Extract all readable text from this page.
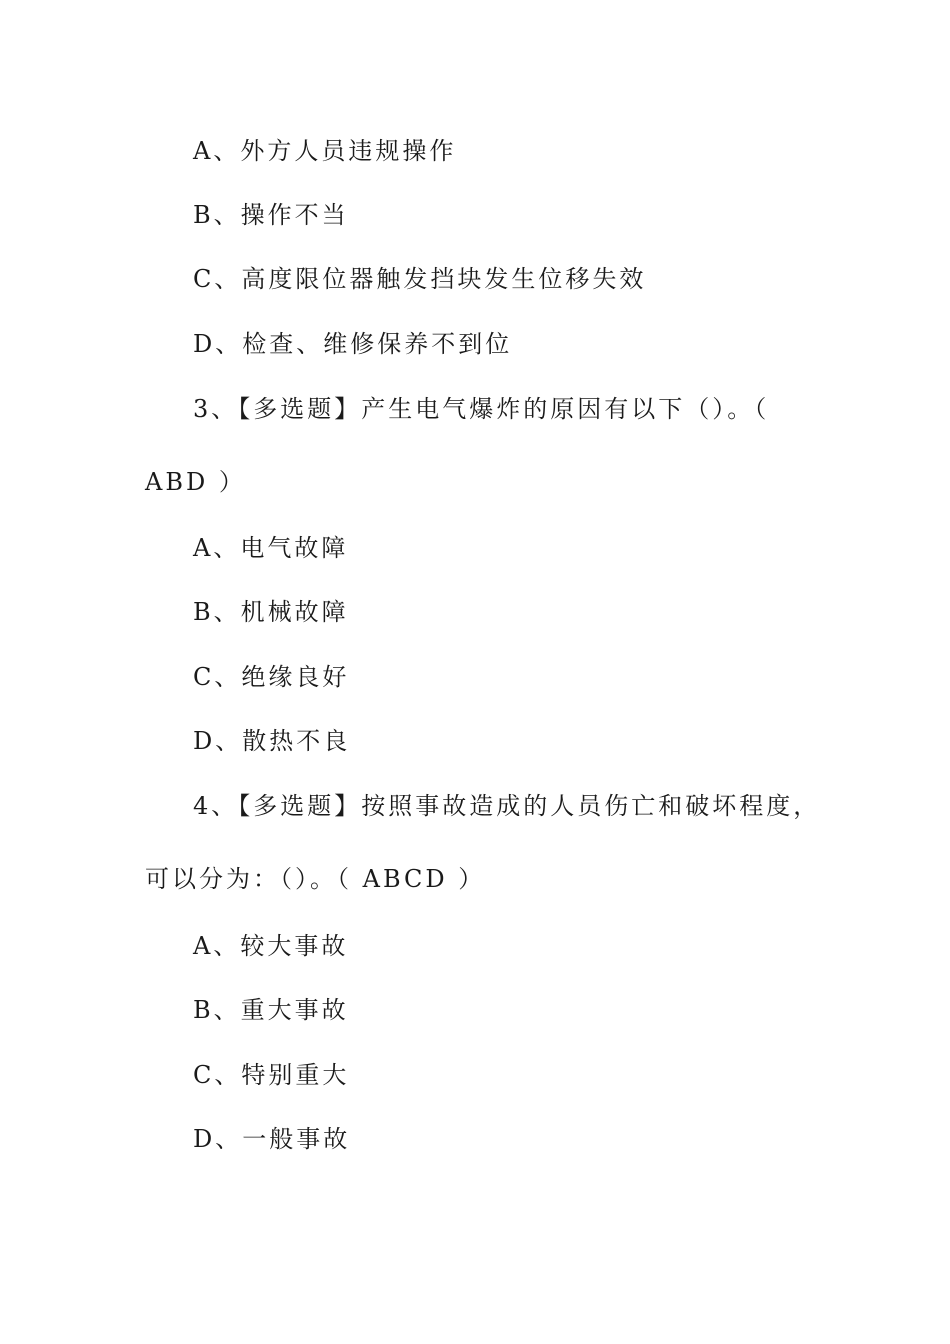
A、外方人员违规操作
B、操作不当
C、高度限位器触发挡块发生位移失效
D、检查、维修保养不到位
3、【多选题】产生电气爆炸的原因有以下（）。（
ABD ）
A、电气故障
B、机械故障
C、绝缘良好
D、散热不良
4、【多选题】按照事故造成的人员伤亡和破坏程度，
可以分为：（）。（ ABCD ）
A、较大事故
B、重大事故
C、特别重大
D、一般事故
